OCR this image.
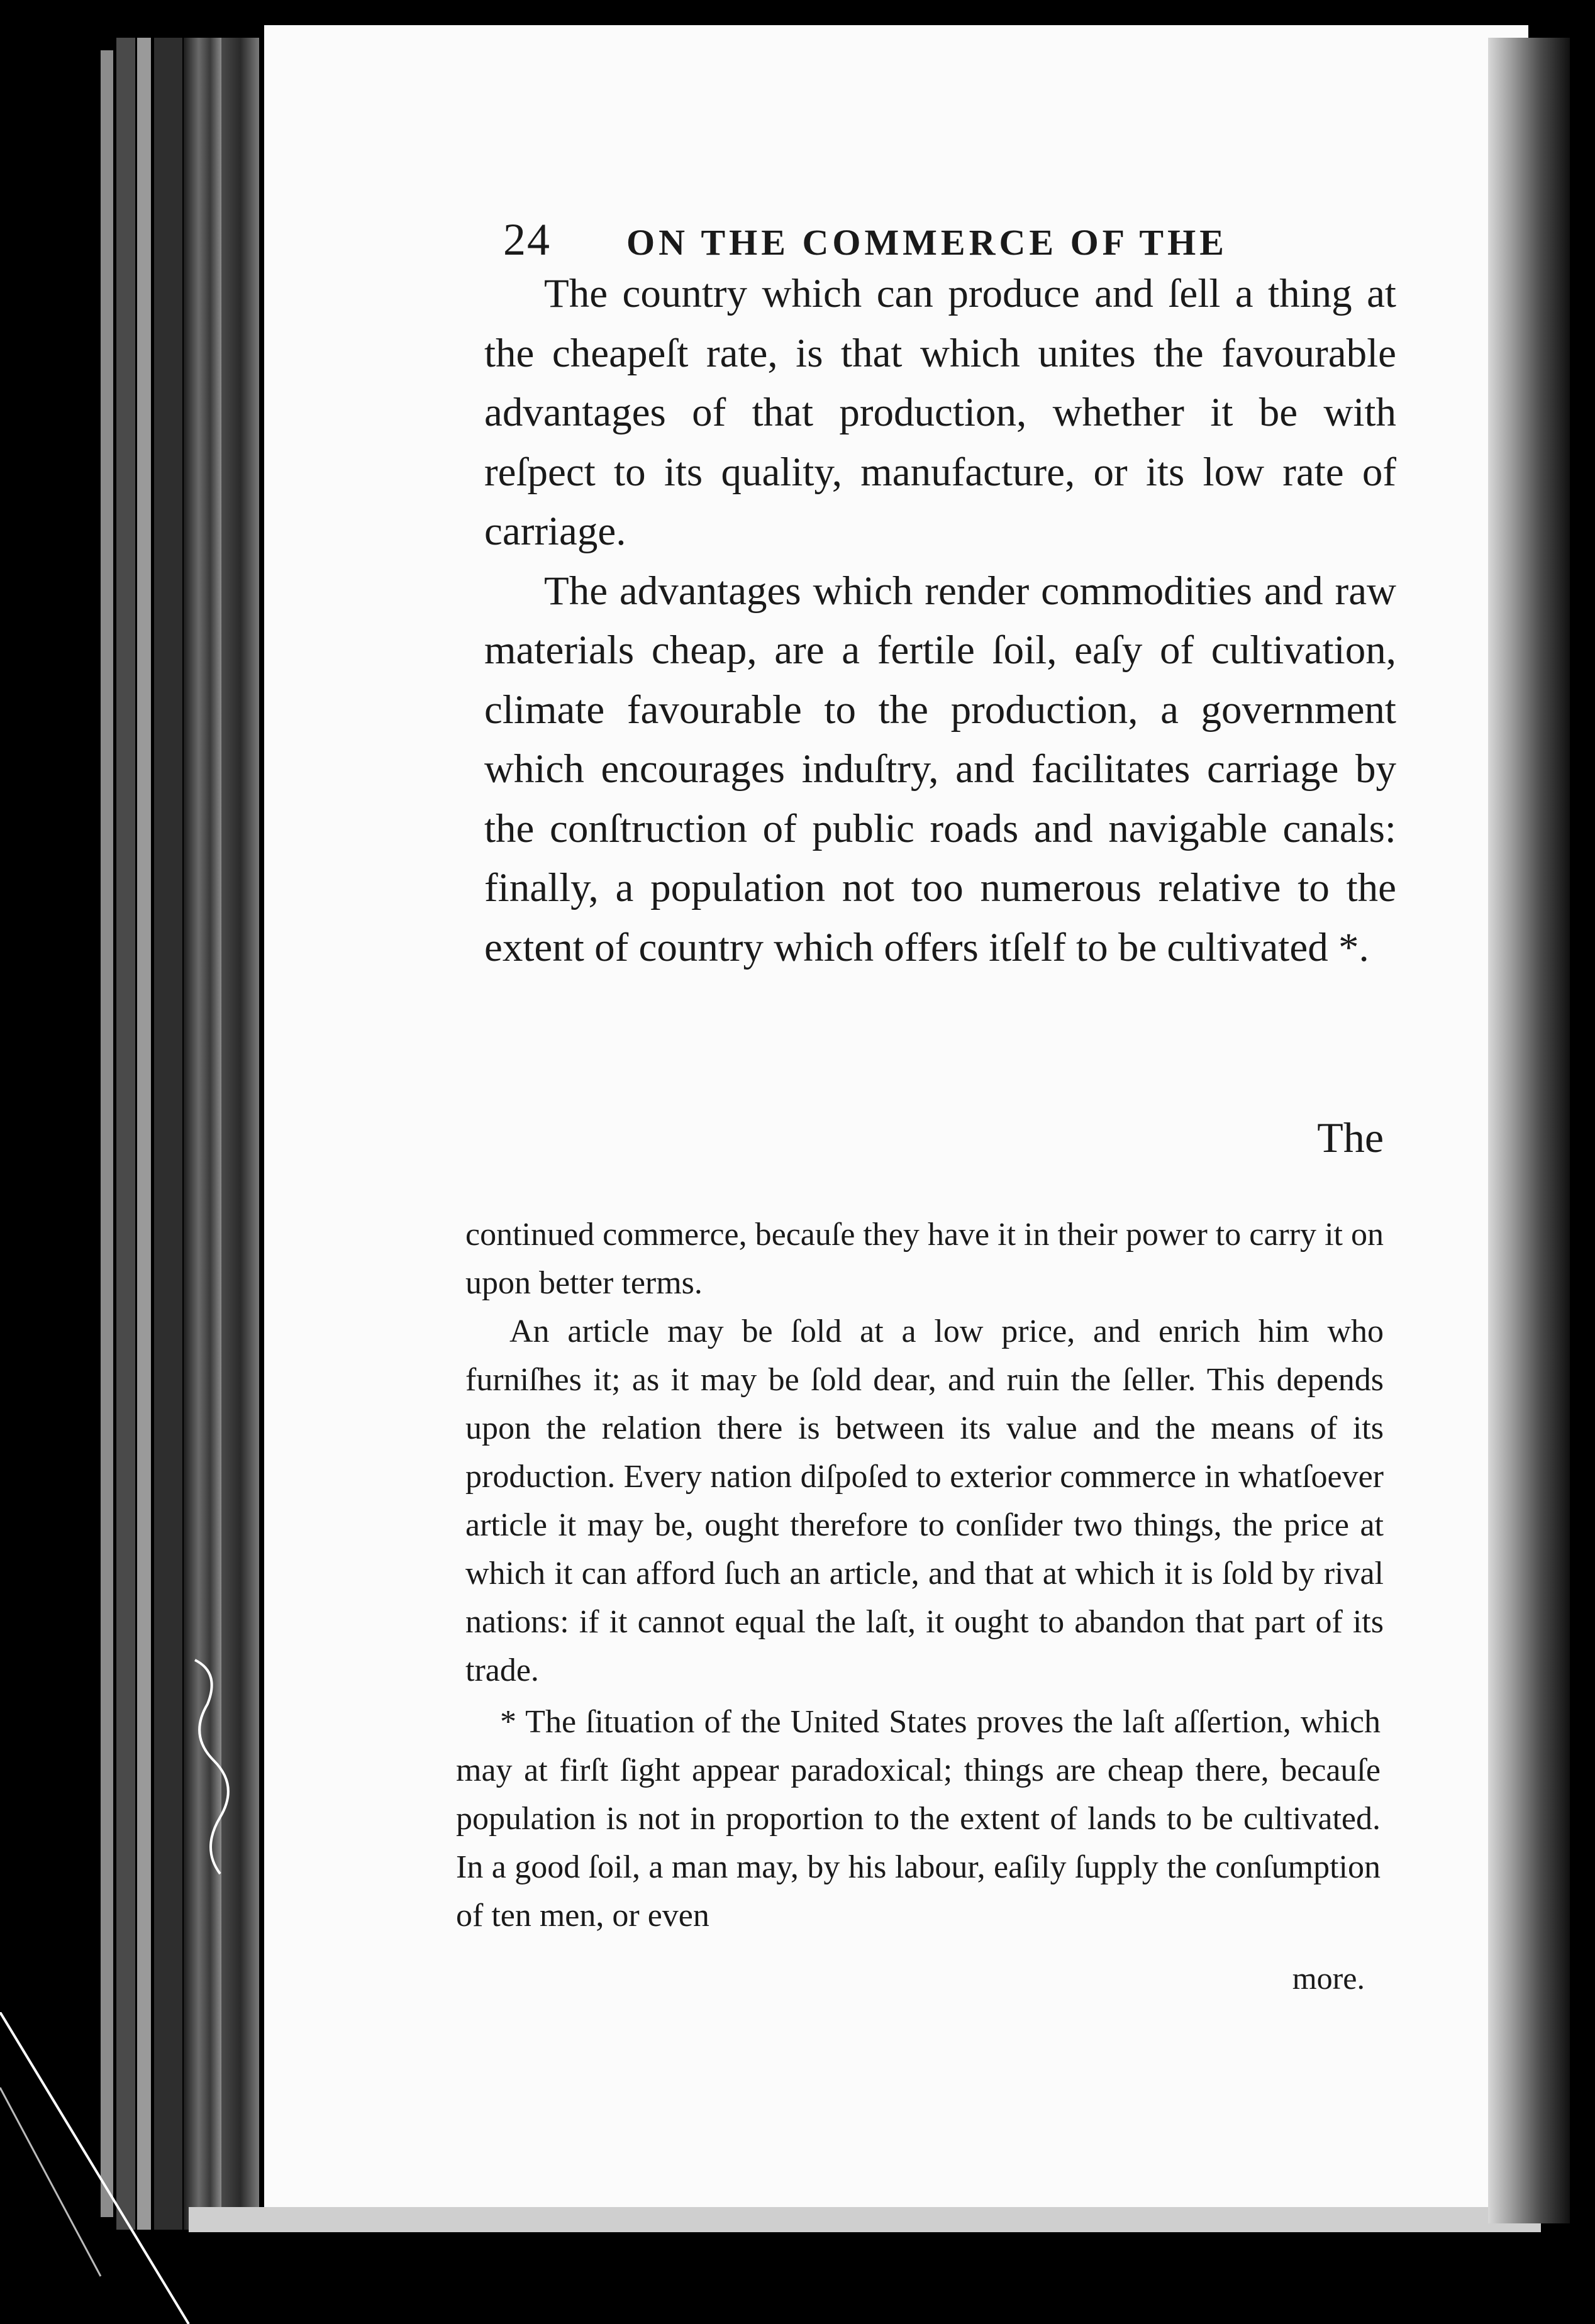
24 ON THE COMMERCE OF THE

The country which can produce and ſell a thing at the cheapeſt rate, is that which unites the favourable advantages of that production, whether it be with reſpect to its quality, manufacture, or its low rate of carriage.

The advantages which render commodities and raw materials cheap, are a fertile ſoil, eaſy of cultivation, climate favourable to the production, a government which encourages induſtry, and facilitates carriage by the conſtruction of public roads and navigable canals: finally, a population not too numerous relative to the extent of country which offers itſelf to be cultivated *.

The

continued commerce, becauſe they have it in their power to carry it on upon better terms.

An article may be ſold at a low price, and enrich him who furniſhes it; as it may be ſold dear, and ruin the ſeller. This depends upon the relation there is between its value and the means of its production. Every nation diſpoſed to exterior commerce in whatſoever article it may be, ought therefore to conſider two things, the price at which it can afford ſuch an article, and that at which it is ſold by rival nations: if it cannot equal the laſt, it ought to abandon that part of its trade.

* The ſituation of the United States proves the laſt aſſertion, which may at firſt ſight appear paradoxical; things are cheap there, becauſe population is not in proportion to the extent of lands to be cultivated. In a good ſoil, a man may, by his labour, eaſily ſupply the conſumption of ten men, or even

more.
